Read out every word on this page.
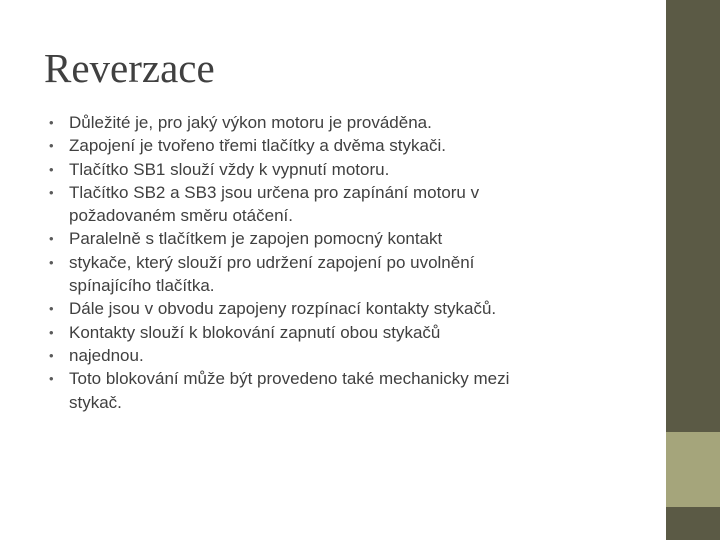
Reverzace
• Důležité je, pro jaký výkon motoru je prováděna.
• Zapojení je tvořeno třemi tlačítky a dvěma stykači.
• Tlačítko SB1 slouží vždy k vypnutí motoru.
• Tlačítko SB2 a SB3 jsou určena pro zapínání motoru v
požadovaném směru otáčení.
• Paralelně s tlačítkem je zapojen pomocný kontakt
• stykače, který slouží pro udržení zapojení po uvolnění
spínajícího tlačítka.
• Dále jsou v obvodu zapojeny rozpínací kontakty stykačů.
• Kontakty slouží k blokování zapnutí obou stykačů
• najednou.
• Toto blokování může být provedeno také mechanicky mezi
stykač.
